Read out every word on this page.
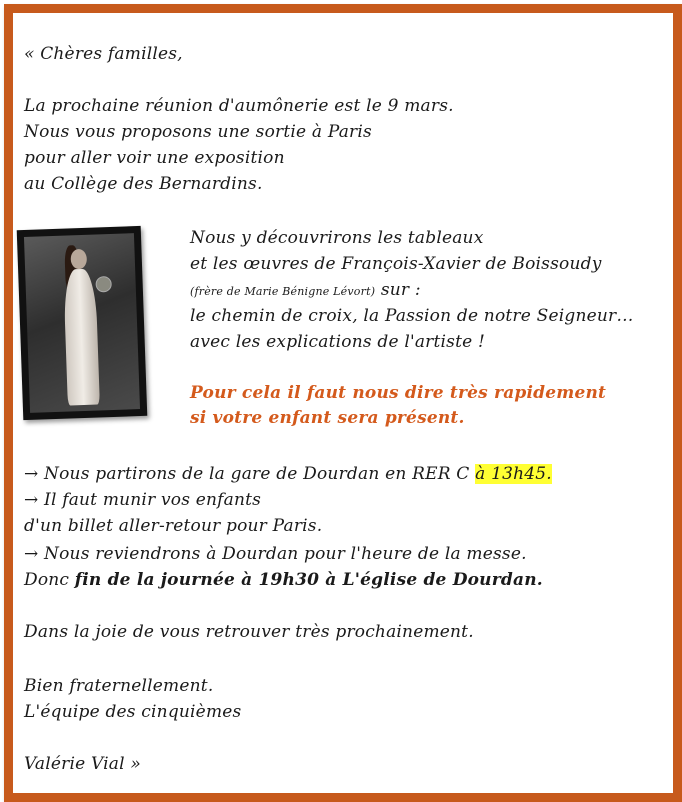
« Chères familles,
La prochaine réunion d'aumônerie est le 9 mars.
Nous vous proposons une sortie à Paris
pour aller voir une exposition
au Collège des Bernardins.
Nous y découvrirons les tableaux
et les œuvres de François-Xavier de Boissoudy
(frère de Marie Bénigne Lévort) sur :
le chemin de croix, la Passion de notre Seigneur…
avec les explications de l'artiste !
Pour cela il faut nous dire très rapidement
si votre enfant sera présent.
→ Nous partirons de la gare de Dourdan en RER C à 13h45.
→ Il faut munir vos enfants
d'un billet aller-retour pour Paris.
→ Nous reviendrons à Dourdan pour l'heure de la messe.
Donc fin de la journée à 19h30 à L'église de Dourdan.
Dans la joie de vous retrouver très prochainement.
Bien fraternellement.
L'équipe des cinquièmes
Valérie Vial »
